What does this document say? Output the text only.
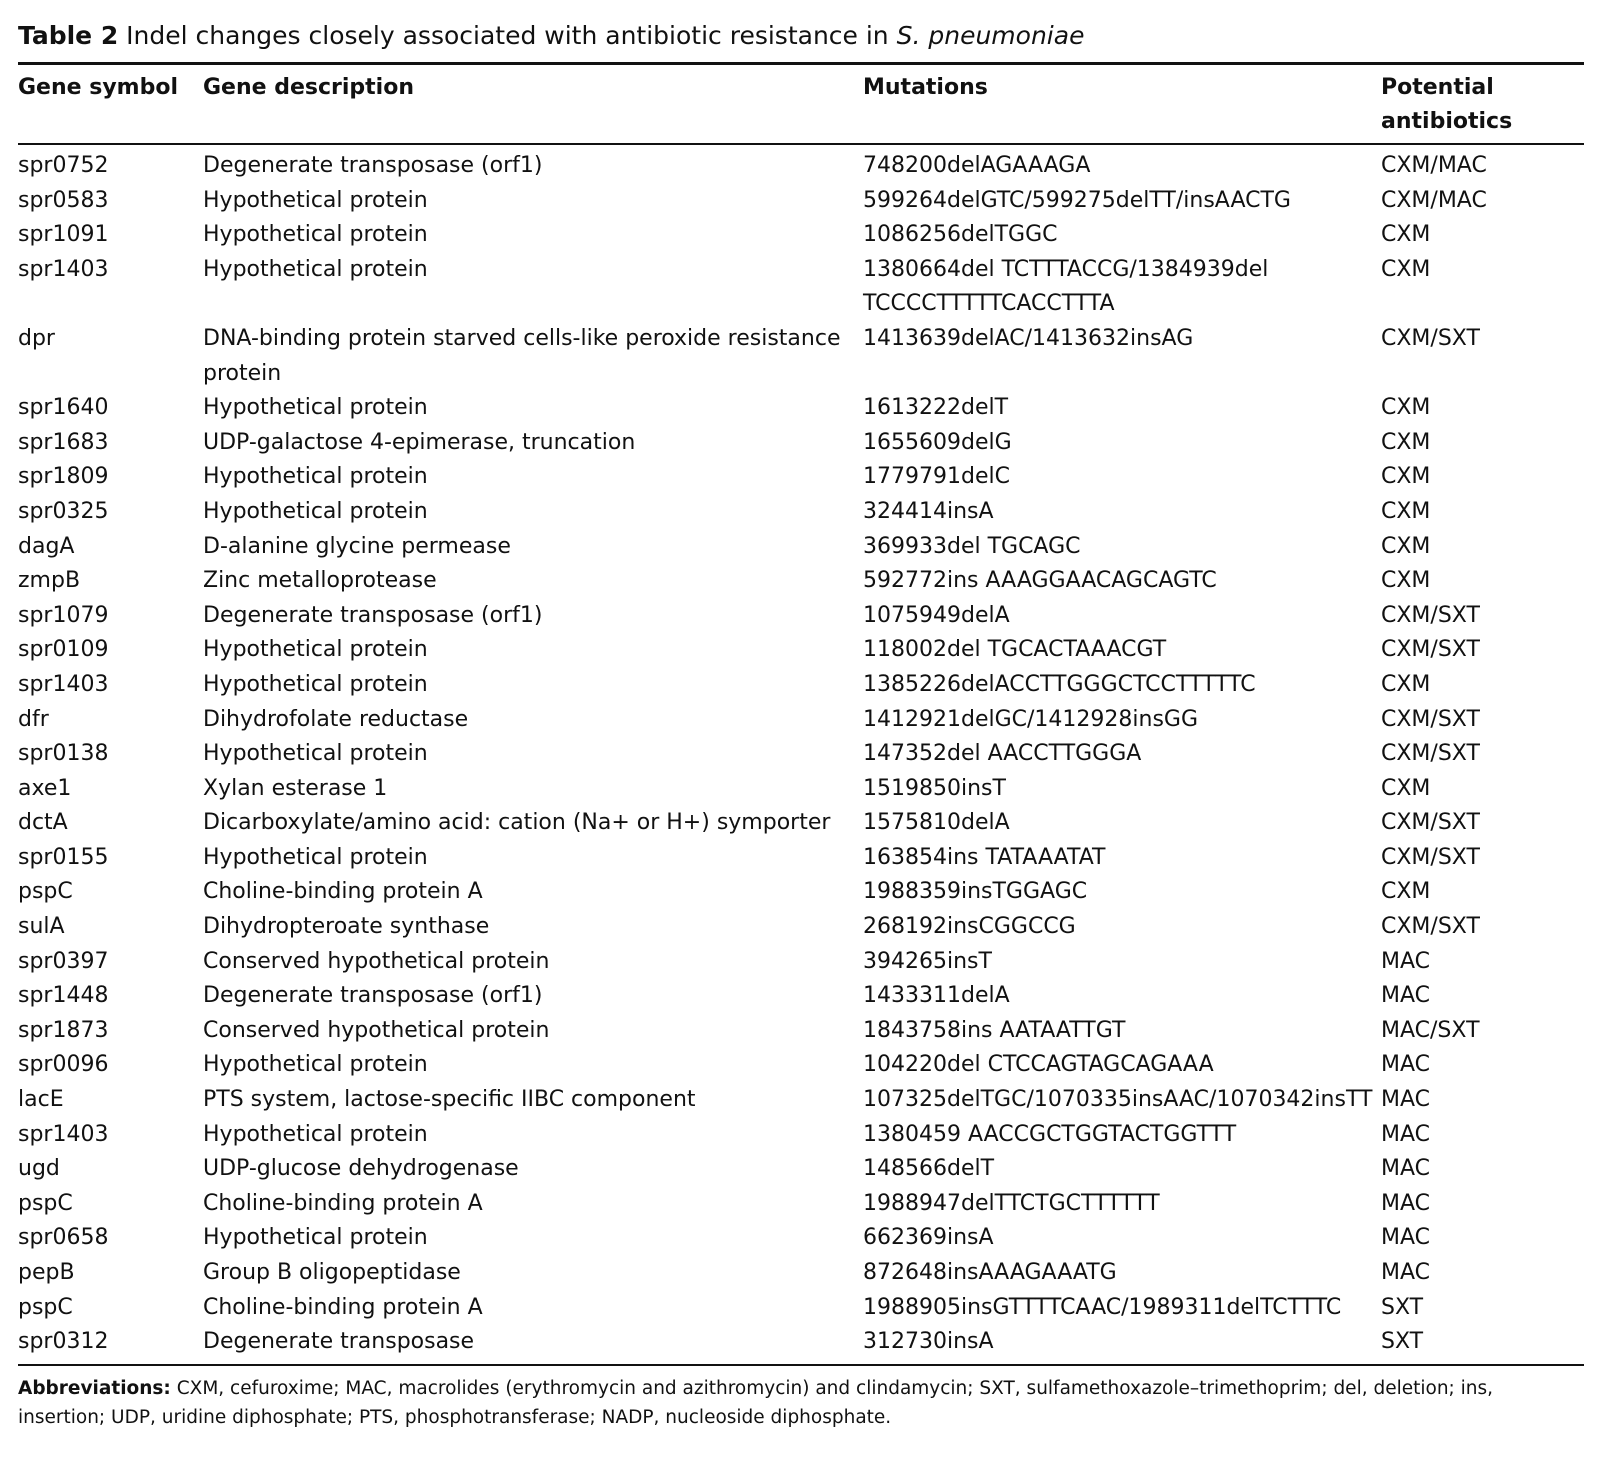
Table 2 Indel changes closely associated with antibiotic resistance in S. pneumoniae
Gene symbol	Gene description	Mutations	Potential antibiotics
spr0752	Degenerate transposase (orf1)	748200delAGAAAGA	CXM/MAC
spr0583	Hypothetical protein	599264delGTC/599275delTT/insAACTG	CXM/MAC
spr1091	Hypothetical protein	1086256delTGGC	CXM
spr1403	Hypothetical protein	1380664del TCTTTACCG/1384939del TCCCCTTTTTCACCTTTA	CXM
dpr	DNA-binding protein starved cells-like peroxide resistance protein	1413639delAC/1413632insAG	CXM/SXT
spr1640	Hypothetical protein	1613222delT	CXM
spr1683	UDP-galactose 4-epimerase, truncation	1655609delG	CXM
spr1809	Hypothetical protein	1779791delC	CXM
spr0325	Hypothetical protein	324414insA	CXM
dagA	D-alanine glycine permease	369933del TGCAGC	CXM
zmpB	Zinc metalloprotease	592772ins AAAGGAACAGCAGTC	CXM
spr1079	Degenerate transposase (orf1)	1075949delA	CXM/SXT
spr0109	Hypothetical protein	118002del TGCACTAAACGT	CXM/SXT
spr1403	Hypothetical protein	1385226delACCTTGGGCTCCTTTTTC	CXM
dfr	Dihydrofolate reductase	1412921delGC/1412928insGG	CXM/SXT
spr0138	Hypothetical protein	147352del AACCTTGGGA	CXM/SXT
axe1	Xylan esterase 1	1519850insT	CXM
dctA	Dicarboxylate/amino acid: cation (Na+ or H+) symporter	1575810delA	CXM/SXT
spr0155	Hypothetical protein	163854ins TATAAATAT	CXM/SXT
pspC	Choline-binding protein A	1988359insTGGAGC	CXM
sulA	Dihydropteroate synthase	268192insCGGCCG	CXM/SXT
spr0397	Conserved hypothetical protein	394265insT	MAC
spr1448	Degenerate transposase (orf1)	1433311delA	MAC
spr1873	Conserved hypothetical protein	1843758ins AATAATTGT	MAC/SXT
spr0096	Hypothetical protein	104220del CTCCAGTAGCAGAAA	MAC
lacE	PTS system, lactose-specific IIBC component	107325delTGC/1070335insAAC/1070342insTT	MAC
spr1403	Hypothetical protein	1380459 AACCGCTGGTACTGGTTT	MAC
ugd	UDP-glucose dehydrogenase	148566delT	MAC
pspC	Choline-binding protein A	1988947delTTCTGCTTTTTT	MAC
spr0658	Hypothetical protein	662369insA	MAC
pepB	Group B oligopeptidase	872648insAAAGAAATG	MAC
pspC	Choline-binding protein A	1988905insGTTTTCAAC/1989311delTCTTTC	SXT
spr0312	Degenerate transposase	312730insA	SXT
Abbreviations: CXM, cefuroxime; MAC, macrolides (erythromycin and azithromycin) and clindamycin; SXT, sulfamethoxazole–trimethoprim; del, deletion; ins, insertion; UDP, uridine diphosphate; PTS, phosphotransferase; NADP, nucleoside diphosphate.
